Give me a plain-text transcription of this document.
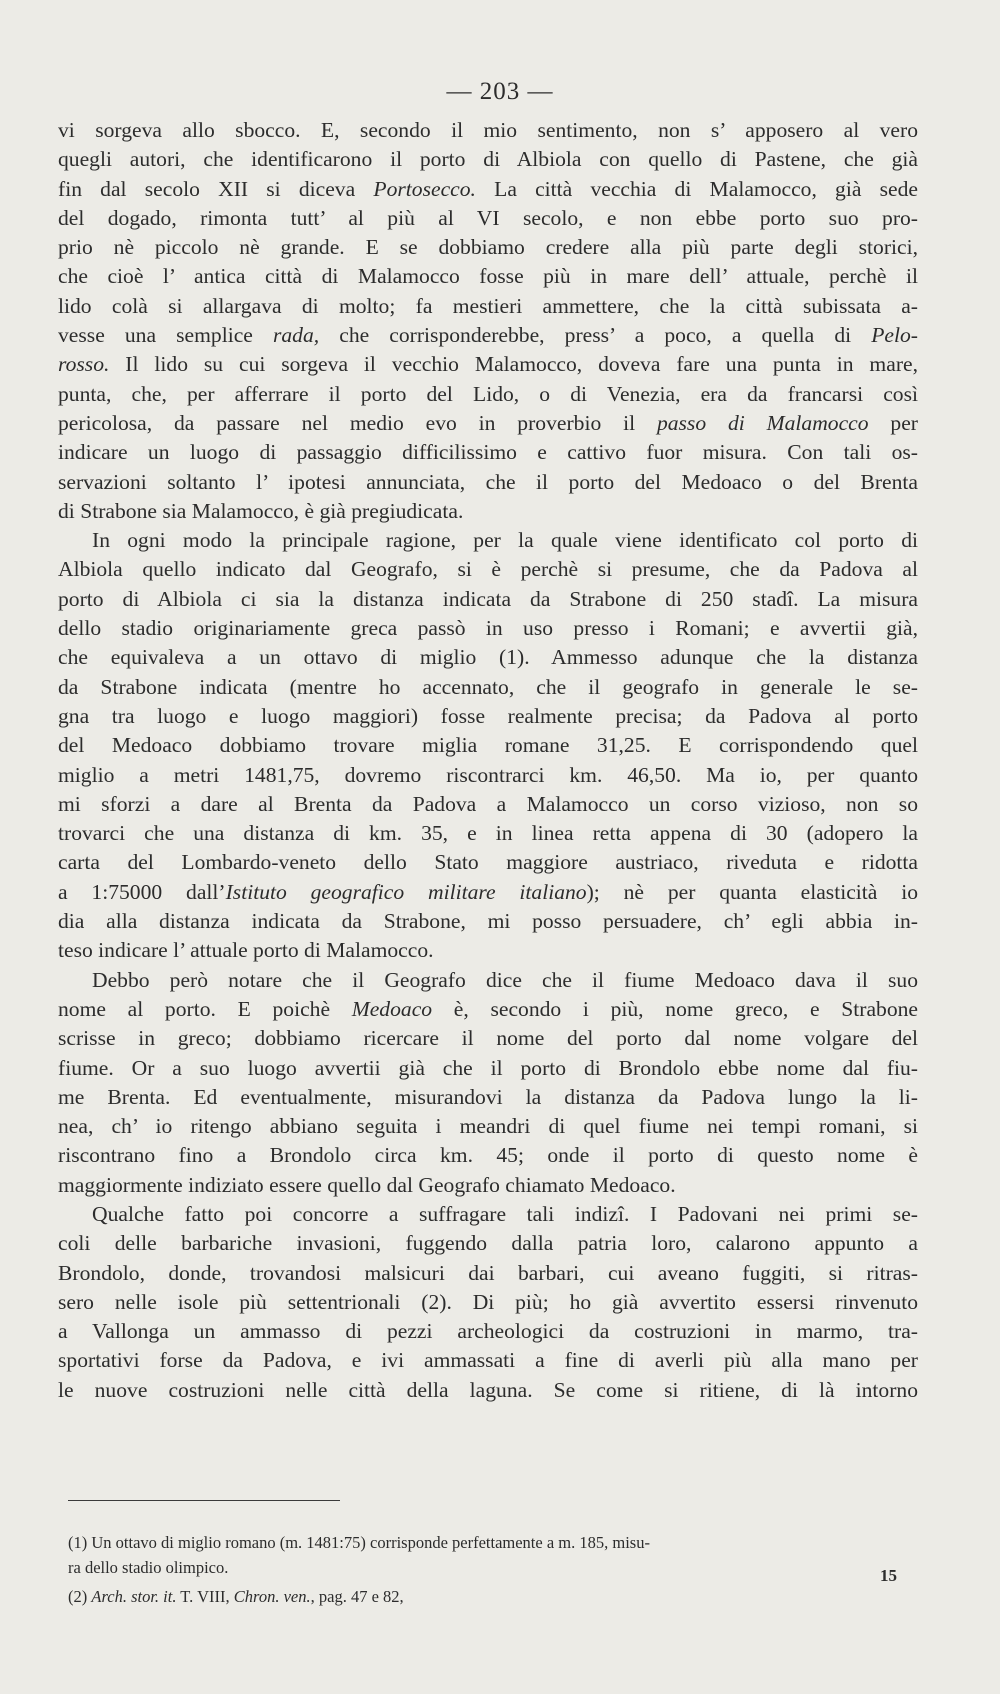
— 203 —
vi sorgeva allo sbocco. E, secondo il mio sentimento, non s’ apposero al vero
quegli autori, che identificarono il porto di Albiola con quello di Pastene, che già
fin dal secolo XII si diceva Portosecco. La città vecchia di Malamocco, già sede
del dogado, rimonta tutt’ al più al VI secolo, e non ebbe porto suo pro-
prio nè piccolo nè grande. E se dobbiamo credere alla più parte degli storici,
che cioè l’ antica città di Malamocco fosse più in mare dell’ attuale, perchè il
lido colà si allargava di molto; fa mestieri ammettere, che la città subissata a-
vesse una semplice rada, che corrisponderebbe, press’ a poco, a quella di Pelo-
rosso. Il lido su cui sorgeva il vecchio Malamocco, doveva fare una punta in mare,
punta, che, per afferrare il porto del Lido, o di Venezia, era da francarsi così
pericolosa, da passare nel medio evo in proverbio il passo di Malamocco per
indicare un luogo di passaggio difficilissimo e cattivo fuor misura. Con tali os-
servazioni soltanto l’ ipotesi annunciata, che il porto del Medoaco o del Brenta
di Strabone sia Malamocco, è già pregiudicata.
In ogni modo la principale ragione, per la quale viene identificato col porto di
Albiola quello indicato dal Geografo, si è perchè si presume, che da Padova al
porto di Albiola ci sia la distanza indicata da Strabone di 250 stadî. La misura
dello stadio originariamente greca passò in uso presso i Romani; e avvertii già,
che equivaleva a un ottavo di miglio (1). Ammesso adunque che la distanza
da Strabone indicata (mentre ho accennato, che il geografo in generale le se-
gna tra luogo e luogo maggiori) fosse realmente precisa; da Padova al porto
del Medoaco dobbiamo trovare miglia romane 31,25. E corrispondendo quel
miglio a metri 1481,75, dovremo riscontrarci km. 46,50. Ma io, per quanto
mi sforzi a dare al Brenta da Padova a Malamocco un corso vizioso, non so
trovarci che una distanza di km. 35, e in linea retta appena di 30 (adopero la
carta del Lombardo-veneto dello Stato maggiore austriaco, riveduta e ridotta
a 1:75000 dall’Istituto geografico militare italiano); nè per quanta elasticità io
dia alla distanza indicata da Strabone, mi posso persuadere, ch’ egli abbia in-
teso indicare l’ attuale porto di Malamocco.
Debbo però notare che il Geografo dice che il fiume Medoaco dava il suo
nome al porto. E poichè Medoaco è, secondo i più, nome greco, e Strabone
scrisse in greco; dobbiamo ricercare il nome del porto dal nome volgare del
fiume. Or a suo luogo avvertii già che il porto di Brondolo ebbe nome dal fiu-
me Brenta. Ed eventualmente, misurandovi la distanza da Padova lungo la li-
nea, ch’ io ritengo abbiano seguita i meandri di quel fiume nei tempi romani, si
riscontrano fino a Brondolo circa km. 45; onde il porto di questo nome è
maggiormente indiziato essere quello dal Geografo chiamato Medoaco.
Qualche fatto poi concorre a suffragare tali indizî. I Padovani nei primi se-
coli delle barbariche invasioni, fuggendo dalla patria loro, calarono appunto a
Brondolo, donde, trovandosi malsicuri dai barbari, cui aveano fuggiti, si ritras-
sero nelle isole più settentrionali (2). Di più; ho già avvertito essersi rinvenuto
a Vallonga un ammasso di pezzi archeologici da costruzioni in marmo, tra-
sportativi forse da Padova, e ivi ammassati a fine di averli più alla mano per
le nuove costruzioni nelle città della laguna. Se come si ritiene, di là intorno
(1) Un ottavo di miglio romano (m. 1481:75) corrisponde perfettamente a m. 185, misu-
ra dello stadio olimpico.
(2) Arch. stor. it. T. VIII, Chron. ven., pag. 47 e 82,
15
